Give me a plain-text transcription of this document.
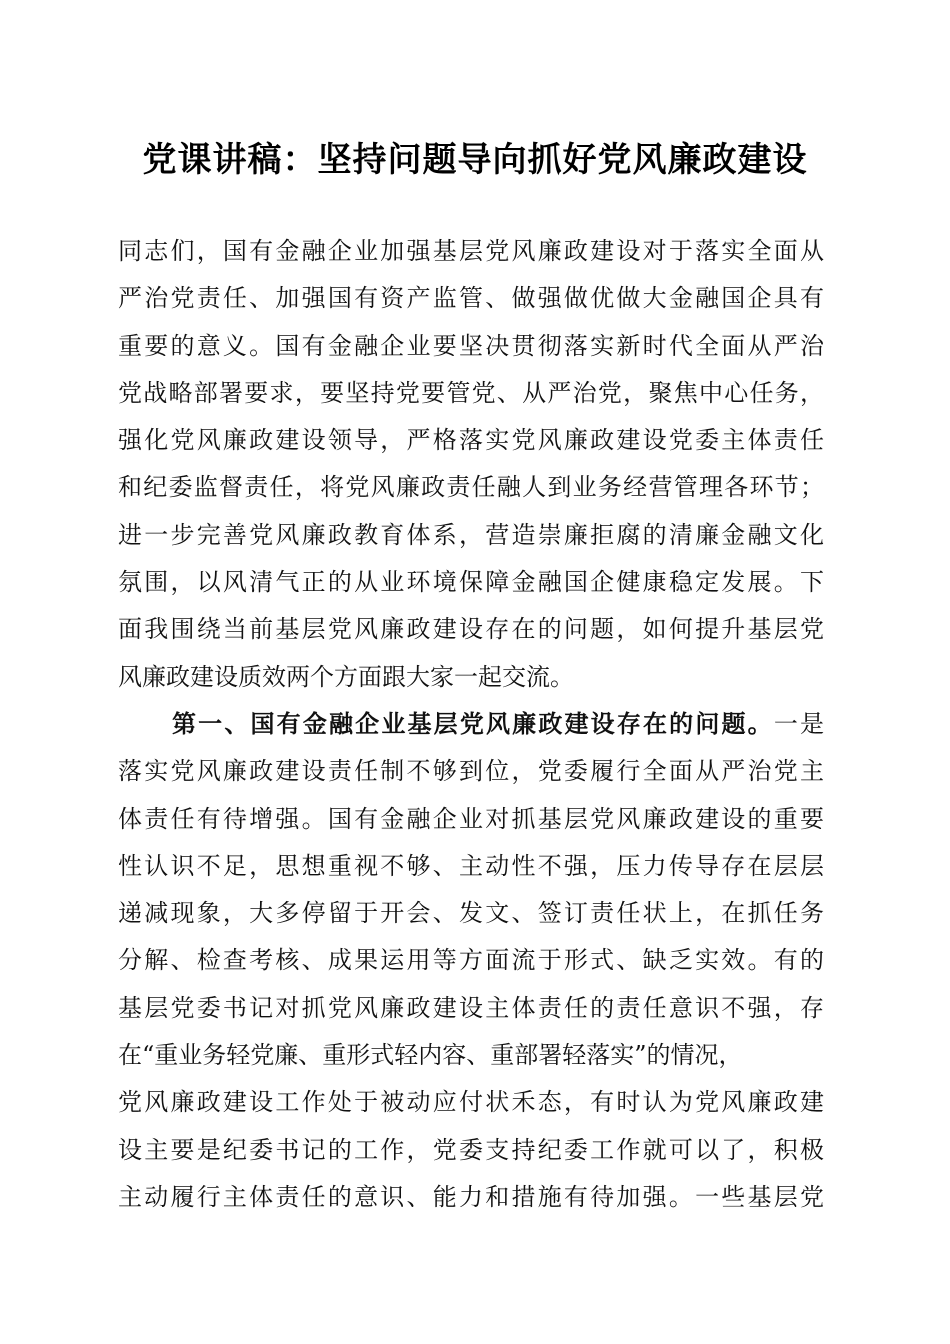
党课讲稿：坚持问题导向抓好党风廉政建设
同志们，国有金融企业加强基层党风廉政建设对于落实全面从
严治党责任、加强国有资产监管、做强做优做大金融国企具有
重要的意义。国有金融企业要坚决贯彻落实新时代全面从严治
党战略部署要求，要坚持党要管党、从严治党，聚焦中心任务，
强化党风廉政建设领导，严格落实党风廉政建设党委主体责任
和纪委监督责任，将党风廉政责任融人到业务经营管理各环节；
进一步完善党风廉政教育体系，营造崇廉拒腐的清廉金融文化
氛围，以风清气正的从业环境保障金融国企健康稳定发展。下
面我围绕当前基层党风廉政建设存在的问题，如何提升基层党
风廉政建设质效两个方面跟大家一起交流。
第一、国有金融企业基层党风廉政建设存在的问题。一是
落实党风廉政建设责任制不够到位，党委履行全面从严治党主
体责任有待增强。国有金融企业对抓基层党风廉政建设的重要
性认识不足，思想重视不够、主动性不强，压力传导存在层层
递减现象，大多停留于开会、发文、签订责任状上，在抓任务
分解、检查考核、成果运用等方面流于形式、缺乏实效。有的
基层党委书记对抓党风廉政建设主体责任的责任意识不强，存
在“重业务轻党廉、重形式轻内容、重部署轻落实”的情况，
党风廉政建设工作处于被动应付状禾态，有时认为党风廉政建
设主要是纪委书记的工作，党委支持纪委工作就可以了，积极
主动履行主体责任的意识、能力和措施有待加强。一些基层党
